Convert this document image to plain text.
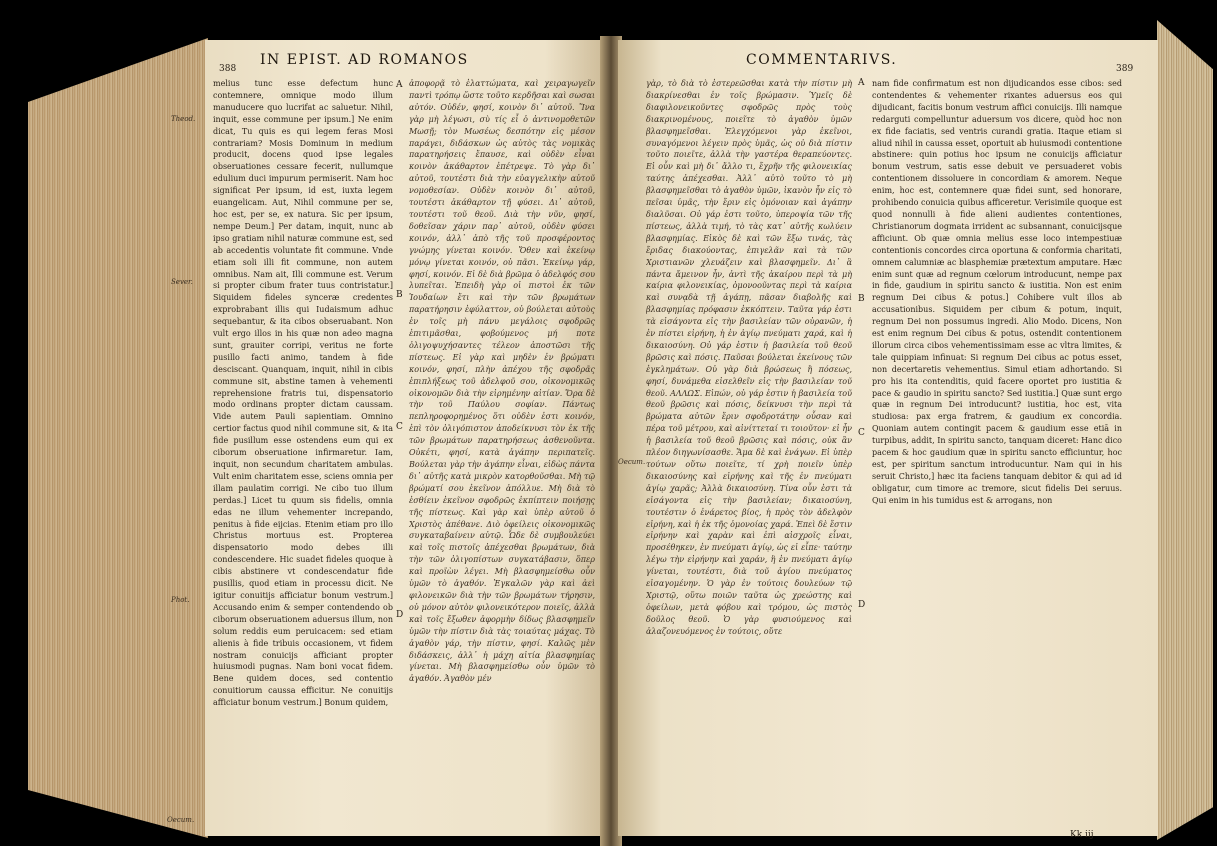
388
IN EPIST. AD ROMANOS
Theod.
Sever.
Phot.
Oecum.
melius tunc esse defectum hunc contemnere, omnique modo illum manuducere quo lucrifat ac saluetur. Nihil, inquit, esse commune per ipsum.] Ne enim dicat, Tu quis es qui legem feras Mosi contrariam? Mosis Dominum in medium producit, docens quod ipse legales obseruationes cessare fecerit, nullumque edulium duci impurum permiserit. Nam hoc significat Per ipsum, id est, iuxta legem euangelicam. Aut, Nihil commune per se, hoc est, per se, ex natura. Sic per ipsum, nempe Deum.] Per datam, inquit, nunc ab ipso gratiam nihil naturæ commune est, sed ab accedentis voluntate fit commune. Vnde etiam soli illi fit commune, non autem omnibus. Nam ait, Illi commune est. Verum si propter cibum frater tuus contristatur.] Siquidem fideles synceræ credentes exprobrabant illis qui Iudaismum adhuc sequebantur, & ita cibos obseruabant. Non vult ergo illos in his quæ non adeo magna sunt, grauiter corripi, veritus ne forte pusillo facti animo, tandem à fide desciscant. Quanquam, inquit, nihil in cibis commune sit, abstine tamen à vehementi reprehensione fratris tui, dispensatorio modo ordinans propter dictam caussam. Vide autem Pauli sapientiam. Omnino certior factus quod nihil commune sit, & ita fide pusillum esse ostendens eum qui ex ciborum obseruatione infirmaretur. Iam, inquit, non secundum charitatem ambulas. Vult enim charitatem esse, sciens omnia per illam paulatim corrigi. Ne cibo tuo illum perdas.] Licet tu quum sis fidelis, omnia edas ne illum vehementer increpando, penitus à fide eijcias. Etenim etiam pro illo Christus mortuus est. Propterea dispensatorio modo debes illi condescendere. Hic suadet fideles quoque à cibis abstinere vt condescendatur fide pusillis, quod etiam in processu dicit. Ne igitur conuitijs afficiatur bonum vestrum.] Accusando enim & semper contendendo ob ciborum obseruationem aduersus illum, non solum reddis eum peruicacem: sed etiam alienis à fide tribuis occasionem, vt fidem nostram conuicijs afficiant propter huiusmodi pugnas. Nam boni vocat fidem. Bene quidem doces, sed contentio conuitiorum caussa efficitur. Ne conuitijs afficiatur bonum vestrum.] Bonum quidem,
A
B
C
D
ἀποφορᾷ τὸ ἐλαττώματα, καὶ χειραγωγεῖν παντὶ τρόπῳ ὥστε τοῦτο κερδῆσαι καὶ σωσαι αὐτόν. Οὐδέν, φησί, κοινὸν δι᾽ αὐτοῦ. Ἵνα γὰρ μὴ λέγωσι, σὺ τίς εἶ ὁ ἀντινομοθετῶν Μωσῇ; τὸν Μωσέως δεσπότην εἰς μέσον παράγει, διδάσκων ὡς αὐτὸς τὰς νομικὰς παρατηρήσεις ἔπαυσε, καὶ οὐδὲν εἶναι κοινὸν ἀκάθαρτον ἐπέτρεψε. Τὸ γὰρ δι᾽ αὐτοῦ, τουτέστι διὰ τὴν εὐαγγελικὴν αὐτοῦ νομοθεσίαν. Οὐδὲν κοινὸν δι᾽ αὐτοῦ, τουτέστι ἀκάθαρτον τῇ φύσει. Δι᾽ αὐτοῦ, τουτέστι τοῦ θεοῦ. Διὰ τὴν νῦν, φησί, δοθεῖσαν χάριν παρ᾽ αὐτοῦ, οὐδὲν φύσει κοινόν, ἀλλ᾽ ἀπὸ τῆς τοῦ προσφέροντος γνώμης γίνεται κοινόν. Ὅθεν καὶ ἐκείνῳ μόνῳ γίνεται κοινόν, οὐ πᾶσι. Ἐκείνῳ γάρ, φησί, κοινόν. Εἰ δὲ διὰ βρῶμα ὁ ἀδελφός σου λυπεῖται. Ἐπειδὴ γὰρ οἱ πιστοὶ ἐκ τῶν Ἰουδαίων ἔτι καὶ τὴν τῶν βρωμάτων παρατήρησιν ἐφύλαττον, οὐ βούλεται αὐτοὺς ἐν τοῖς μὴ πάνυ μεγάλοις σφοδρῶς ἐπιτιμᾶσθαι, φοβούμενος μή ποτε ὀλιγοψυχήσαντες τέλεον ἀποστῶσι τῆς πίστεως. Εἰ γὰρ καὶ μηδὲν ἐν βρώματι κοινόν, φησί, πλὴν ἀπέχου τῆς σφοδρᾶς ἐπιπλήξεως τοῦ ἀδελφοῦ σου, οἰκονομικῶς οἰκονομῶν διὰ τὴν εἰρημένην αἰτίαν. Ὅρα δὲ τὴν τοῦ Παύλου σοφίαν. Πάντως πεπληροφορημένος ὅτι οὐδὲν ἐστι κοινόν, ἐπὶ τὸν ὀλιγόπιστον ἀποδείκνυσι τὸν ἐκ τῆς τῶν βρωμάτων παρατηρήσεως ἀσθενοῦντα. Οὐκέτι, φησί, κατὰ ἀγάπην περιπατεῖς. Βούλεται γὰρ τὴν ἀγάπην εἶναι, εἰδὼς πάντα δι᾽ αὐτῆς κατὰ μικρὸν κατορθοῦσθαι. Μὴ τῷ βρώματί σου ἐκεῖνον ἀπόλλυε. Μὴ διὰ τὸ ἐσθίειν ἐκεῖνον σφοδρῶς ἐκπίπτειν ποιήσῃς τῆς πίστεως. Καὶ γὰρ καὶ ὑπὲρ αὐτοῦ ὁ Χριστὸς ἀπέθανε. Διὸ ὀφείλεις οἰκονομικῶς συγκαταβαίνειν αὐτῷ. Ὧδε δὲ συμβουλεύει καὶ τοῖς πιστοῖς ἀπέχεσθαι βρωμάτων, διὰ τὴν τῶν ὀλιγοπίστων συγκατάβασιν, ὅπερ καὶ προϊὼν λέγει. Μὴ βλασφημείσθω οὖν ὑμῶν τὸ ἀγαθόν. Ἐγκαλῶν γὰρ καὶ ἀεὶ φιλονεικῶν διὰ τὴν τῶν βρωμάτων τήρησιν, οὐ μόνον αὐτὸν φιλονεικότερον ποιεῖς, ἀλλὰ καὶ τοῖς ἔξωθεν ἀφορμὴν δίδως βλασφημεῖν ὑμῶν τὴν πίστιν διὰ τὰς τοιαύτας μάχας. Τὸ ἀγαθὸν γάρ, τὴν πίστιν, φησί. Καλῶς μὲν διδάσκεις, ἀλλ᾽ ἡ μάχη αἰτία βλασφημίας γίνεται. Μὴ βλασφημείσθω οὖν ὑμῶν τὸ ἀγαθόν. Ἀγαθὸν μέν
COMMENTARIVS.
389
γὰρ, τὸ διὰ τὸ ἐστερεῶσθαι κατὰ τὴν πίστιν μὴ διακρίνεσθαι ἐν τοῖς βρώμασιν. Ὑμεῖς δὲ διαφιλονεικοῦντες σφοδρῶς πρὸς τοὺς διακρινομένους, ποιεῖτε τὸ ἀγαθὸν ὑμῶν βλασφημεῖσθαι. Ἐλεγχόμενοι γὰρ ἐκεῖνοι, συναγόμενοι λέγειν πρὸς ὑμᾶς, ὡς οὐ διὰ πίστιν τοῦτο ποιεῖτε, ἀλλὰ τὴν γαστέρα θεραπεύοντες. Εἰ οὖν καὶ μὴ δι᾽ ἄλλο τι, ἔχρῆν τῆς φιλονεικίας ταύτης ἀπέχεσθαι. Ἀλλ᾽ αὐτὸ τοῦτο τὸ μὴ βλασφημεῖσθαι τὸ ἀγαθὸν ὑμῶν, ἱκανὸν ἦν εἰς τὸ πεῖσαι ὑμᾶς, τὴν ἔριν εἰς ὁμόνοιαν καὶ ἀγάπην διαλῦσαι. Οὐ γάρ ἐστι τοῦτο, ὑπεροψία τῶν τῆς πίστεως, ἀλλὰ τιμή, τὸ τὰς κατ᾽ αὐτῆς κωλύειν βλασφημίας. Εἰκὸς δὲ καὶ τῶν ἔξω τινάς, τὰς ἔριδας διακούοντας, ἐπιγελᾶν καὶ τὰ τῶν Χριστιανῶν χλευάζειν καὶ βλασφημεῖν. Δι᾽ ἃ πάντα ἄμεινον ἦν, ἀντὶ τῆς ἀκαίρου περὶ τὰ μὴ καίρια φιλονεικίας, ὁμονοοῦντας περὶ τὰ καίρια καὶ συνᾳδὰ τῇ ἀγάπῃ, πᾶσαν διαβολῆς καὶ βλασφημίας πρόφασιν ἐκκόπτειν. Ταῦτα γάρ ἐστι τὰ εἰσάγοντα εἰς τὴν βασιλείαν τῶν οὐρανῶν, ἡ ἐν πίστει εἰρήνη, ἡ ἐν ἁγίῳ πνεύματι χαρά, καὶ ἡ δικαιοσύνη. Οὐ γάρ ἐστιν ἡ βασιλεία τοῦ θεοῦ βρῶσις καὶ πόσις. Παῦσαι βούλεται ἐκείνους τῶν ἐγκλημάτων. Οὐ γὰρ διὰ βρώσεως ἢ πόσεως, φησί, δυνάμεθα εἰσελθεῖν εἰς τὴν βασιλείαν τοῦ θεοῦ. ΑΛΛΩΣ. Εἰπών, οὐ γάρ ἐστιν ἡ βασιλεία τοῦ θεοῦ βρῶσις καὶ πόσις, δείκνυσι τὴν περὶ τὰ βρώματα αὐτῶν ἔριν σφοδροτάτην οὖσαν καὶ πέρα τοῦ μέτρου, καὶ αἰνίττεταί τι τοιοῦτον· εἰ ἦν ἡ βασιλεία τοῦ θεοῦ βρῶσις καὶ πόσις, οὐκ ἂν πλέον διηγωνίσασθε. Ἅμα δὲ καὶ ἐνάγων. Εἰ ὑπὲρ τούτων οὕτω ποιεῖτε, τί χρὴ ποιεῖν ὑπὲρ δικαιοσύνης καὶ εἰρήνης καὶ τῆς ἐν πνεύματι ἁγίῳ χαρᾶς; Ἀλλὰ δικαιοσύνη. Τίνα οὖν ἐστι τὰ εἰσάγοντα εἰς τὴν βασιλείαν; δικαιοσύνη, τουτέστιν ὁ ἐνάρετος βίος, ἡ πρὸς τὸν ἀδελφὸν εἰρήνη, καὶ ἡ ἐκ τῆς ὁμονοίας χαρά. Ἐπεὶ δὲ ἔστιν εἰρήνην καὶ χαρὰν καὶ ἐπὶ αἰσχροῖς εἶναι, προσέθηκεν, ἐν πνεύματι ἁγίῳ, ὡς εἰ εἶπε· ταύτην λέγω τὴν εἰρήνην καὶ χαράν, ἣ ἐν πνεύματι ἁγίῳ γίνεται, τουτέστι, διὰ τοῦ ἁγίου πνεύματος εἰσαγομένην. Ὁ γὰρ ἐν τούτοις δουλεύων τῷ Χριστῷ, οὕτω ποιῶν ταῦτα ὡς χρεώστης καὶ ὀφείλων, μετὰ φόβου καὶ τρόμου, ὡς πιστὸς δοῦλος θεοῦ. Ὁ γὰρ φυσιούμενος καὶ ἀλαζονευόμενος ἐν τούτοις, οὔτε
A
B
C
D
Oecum.
nam fide confirmatum est non dijudicandos esse cibos: sed contendentes & vehementer rixantes aduersus eos qui dijudicant, facitis bonum vestrum affici conuicijs. Illi namque redarguti compelluntur aduersum vos dicere, quòd hoc non ex fide faciatis, sed ventris curandi gratia. Itaque etiam si aliud nihil in caussa esset, oportuit ab huiusmodi contentione abstinere: quin potius hoc ipsum ne conuicijs afficiatur bonum vestrum, satis esse debuit ve persuaderet vobis contentionem dissoluere in concordiam & amorem. Neque enim, hoc est, contemnere quæ fidei sunt, sed honorare, prohibendo conuicia quibus afficeretur. Verisimile quoque est quod nonnulli à fide alieni audientes contentiones, Christianorum dogmata irrident ac subsannant, conuicijsque afficiunt. Ob quæ omnia melius esse loco intempestiuæ contentionis concordes circa oportuna & conformia charitati, omnem calumniæ ac blasphemiæ prætextum amputare. Hæc enim sunt quæ ad regnum cœlorum introducunt, nempe pax in fide, gaudium in spiritu sancto & iustitia. Non est enim regnum Dei cibus & potus.] Cohibere vult illos ab accusationibus. Siquidem per cibum & potum, inquit, regnum Dei non possumus ingredi. Alio Modo. Dicens, Non est enim regnum Dei cibus & potus, ostendit contentionem illorum circa cibos vehementissimam esse ac vltra limites, & tale quippiam infinuat: Si regnum Dei cibus ac potus esset, non decertaretis vehementius. Simul etiam adhortando. Si pro his ita contenditis, quid facere oportet pro iustitia & pace & gaudio in spiritu sancto? Sed iustitia.] Quæ sunt ergo quæ in regnum Dei introducunt? iustitia, hoc est, vita studiosa: pax erga fratrem, & gaudium ex concordia. Quoniam autem contingit pacem & gaudium esse etiā in turpibus, addit, In spiritu sancto, tanquam diceret: Hanc dico pacem & hoc gaudium quæ in spiritu sancto efficiuntur, hoc est, per spiritum sanctum introducuntur. Nam qui in his seruit Christo,] hæc ita faciens tanquam debitor & qui ad id obligatur, cum timore ac tremore, sicut fidelis Dei seruus. Qui enim in his tumidus est & arrogans, non
Kk iij
